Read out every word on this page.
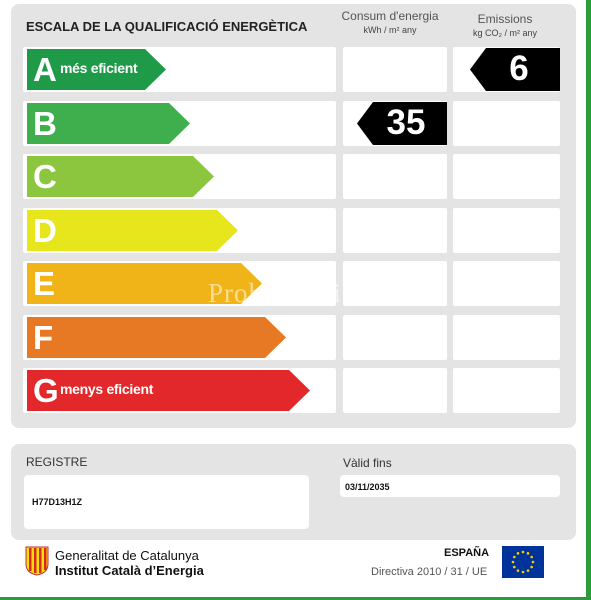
ESCALA DE LA QUALIFICACIÓ ENERGÈTICA
Consum d'energia
kWh / m² any
Emissions
kg CO₂ / m² any
A més eficient
B
C
D
E
F
G menys eficient
Prohabitacio
REGISTRE
H77D13H1Z
Vàlid fins
03/11/2035
Generalitat de Catalunya
Institut Català d’Energia
ESPAÑA
Directiva 2010 / 31 / UE
35
6
